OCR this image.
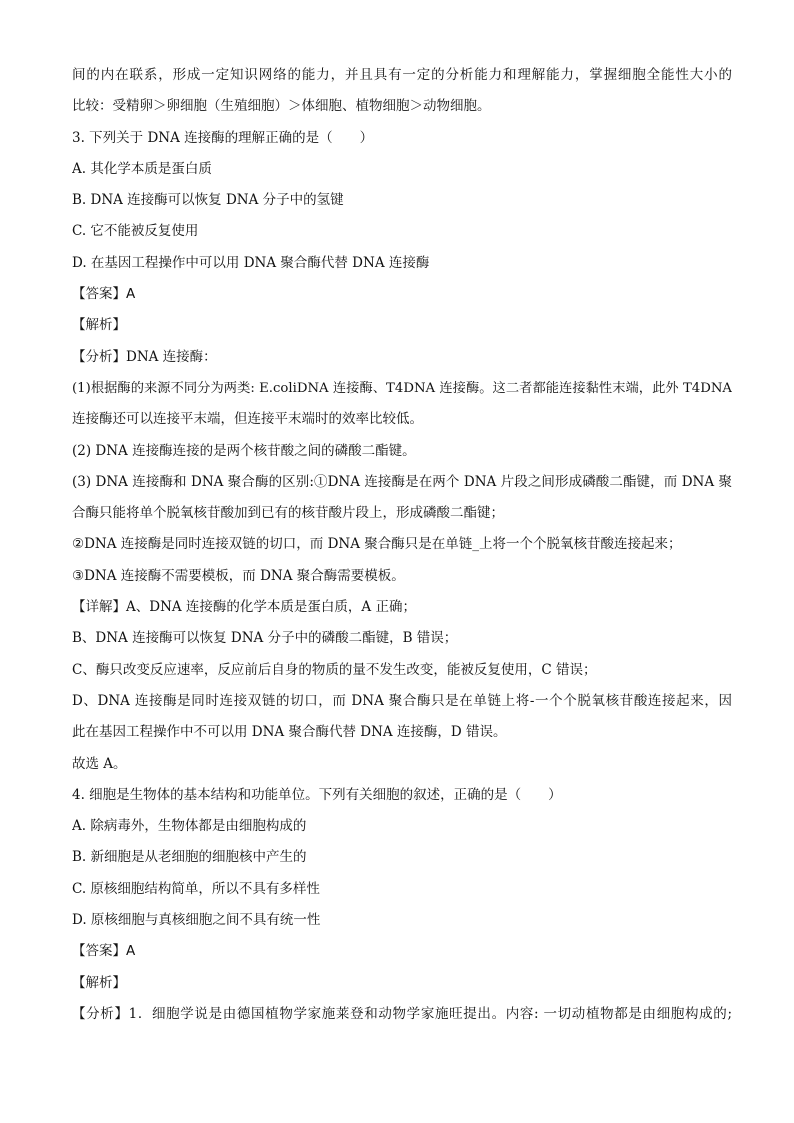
间的内在联系，形成一定知识网络的能力，并且具有一定的分析能力和理解能力，掌握细胞全能性大小的
比较：受精卵＞卵细胞（生殖细胞）＞体细胞、植物细胞＞动物细胞。
3. 下列关于 DNA 连接酶的理解正确的是（　　）
A. 其化学本质是蛋白质
B. DNA 连接酶可以恢复 DNA 分子中的氢键
C. 它不能被反复使用
D. 在基因工程操作中可以用 DNA 聚合酶代替 DNA 连接酶
【答案】A
【解析】
【分析】DNA 连接酶：
(1)根据酶的来源不同分为两类: E.coliDNA 连接酶、T4DNA 连接酶。这二者都能连接黏性末端，此外 T4DNA
连接酶还可以连接平末端，但连接平末端时的效率比较低。
(2) DNA 连接酶连接的是两个核苷酸之间的磷酸二酯键。
(3) DNA 连接酶和 DNA 聚合酶的区别:①DNA 连接酶是在两个 DNA 片段之间形成磷酸二酯键，而 DNA 聚
合酶只能将单个脱氧核苷酸加到已有的核苷酸片段上，形成磷酸二酯键；
②DNA 连接酶是同时连接双链的切口，而 DNA 聚合酶只是在单链_上将一个个脱氧核苷酸连接起来；
③DNA 连接酶不需要模板，而 DNA 聚合酶需要模板。
【详解】A、DNA 连接酶的化学本质是蛋白质，A 正确；
B、DNA 连接酶可以恢复 DNA 分子中的磷酸二酯键，B 错误；
C、酶只改变反应速率，反应前后自身的物质的量不发生改变，能被反复使用，C 错误；
D、DNA 连接酶是同时连接双链的切口，而 DNA 聚合酶只是在单链上将-一个个脱氧核苷酸连接起来，因
此在基因工程操作中不可以用 DNA 聚合酶代替 DNA 连接酶，D 错误。
故选 A。
4. 细胞是生物体的基本结构和功能单位。下列有关细胞的叙述，正确的是（　　）
A. 除病毒外，生物体都是由细胞构成的
B. 新细胞是从老细胞的细胞核中产生的
C. 原核细胞结构简单，所以不具有多样性
D. 原核细胞与真核细胞之间不具有统一性
【答案】A
【解析】
【分析】1．细胞学说是由德国植物学家施莱登和动物学家施旺提出。内容: 一切动植物都是由细胞构成的;
